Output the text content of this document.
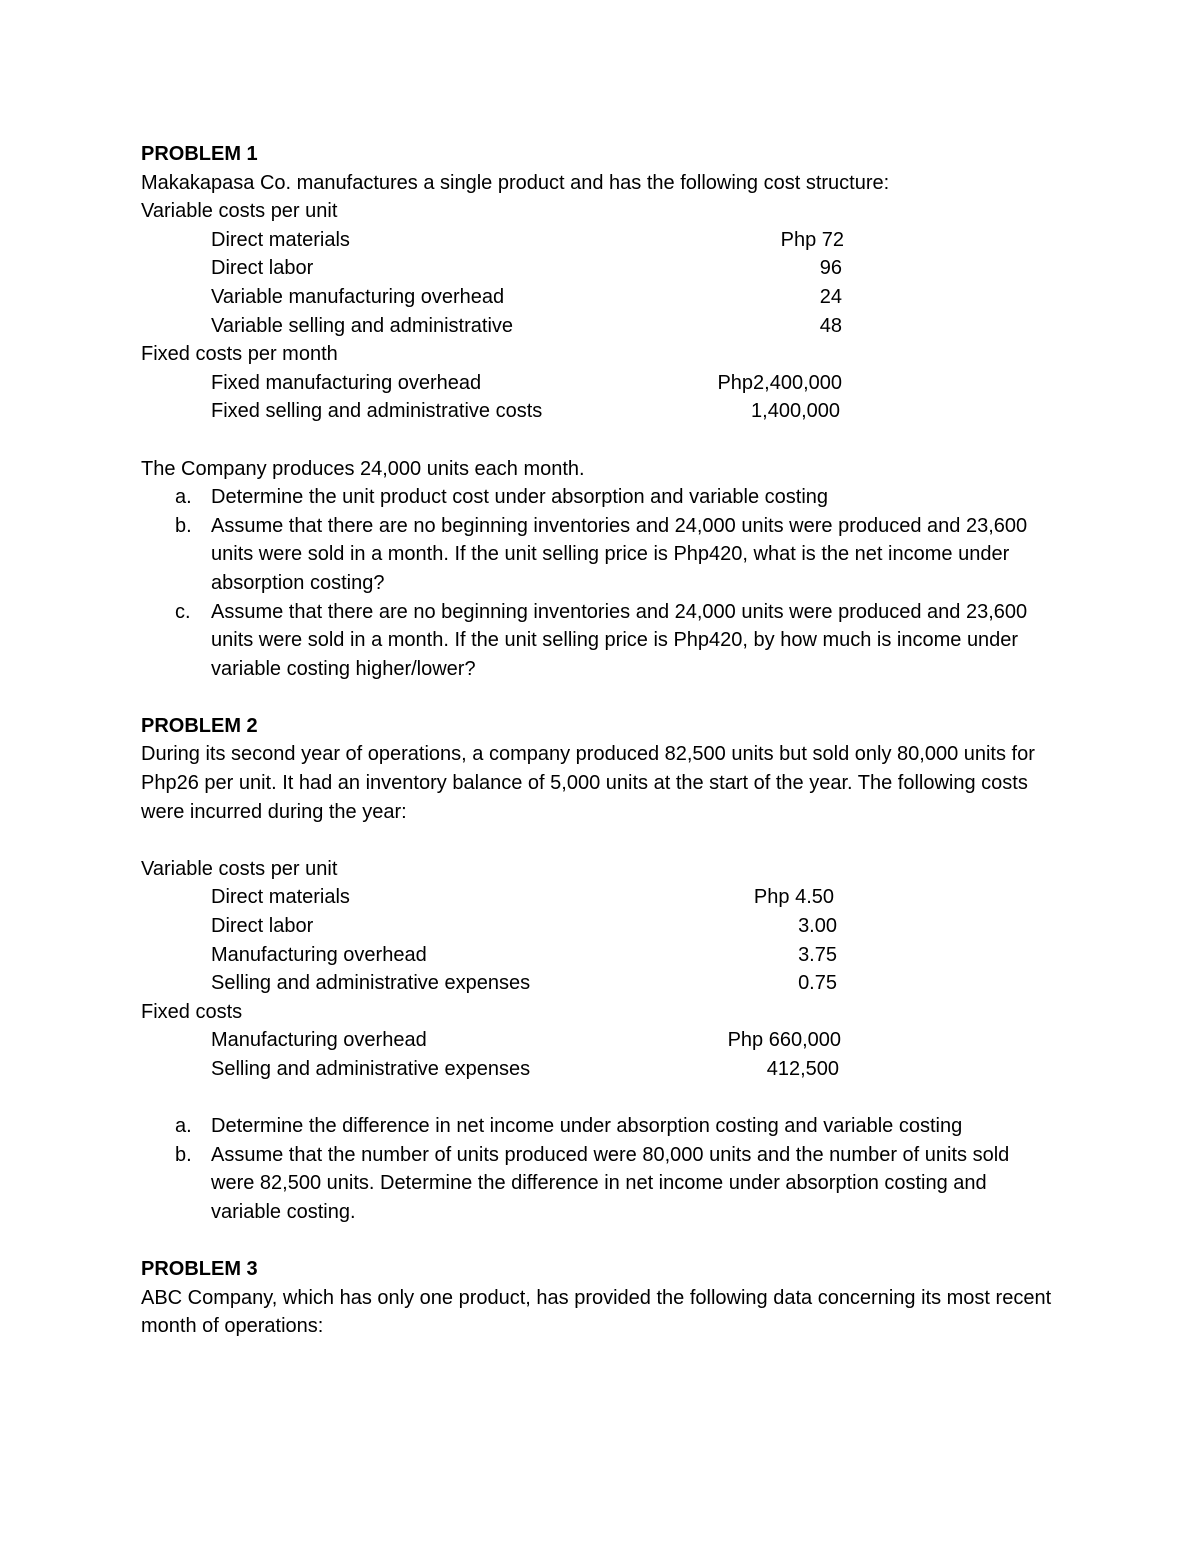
PROBLEM 1
Makakapasa Co. manufactures a single product and has the following cost structure:
Variable costs per unit
Direct materials	Php 72
Direct labor	96
Variable manufacturing overhead	24
Variable selling and administrative	48
Fixed costs per month
Fixed manufacturing overhead	Php2,400,000
Fixed selling and administrative costs	1,400,000
The Company produces 24,000 units each month.
a. Determine the unit product cost under absorption and variable costing
b. Assume that there are no beginning inventories and 24,000 units were produced and 23,600 units were sold in a month. If the unit selling price is Php420, what is the net income under absorption costing?
c. Assume that there are no beginning inventories and 24,000 units were produced and 23,600 units were sold in a month. If the unit selling price is Php420, by how much is income under variable costing higher/lower?
PROBLEM 2
During its second year of operations, a company produced 82,500 units but sold only 80,000 units for Php26 per unit. It had an inventory balance of 5,000 units at the start of the year. The following costs were incurred during the year:
Variable costs per unit
Direct materials	Php 4.50
Direct labor	3.00
Manufacturing overhead	3.75
Selling and administrative expenses	0.75
Fixed costs
Manufacturing overhead	Php 660,000
Selling and administrative expenses	412,500
a. Determine the difference in net income under absorption costing and variable costing
b. Assume that the number of units produced were 80,000 units and the number of units sold were 82,500 units. Determine the difference in net income under absorption costing and variable costing.
PROBLEM 3
ABC Company, which has only one product, has provided the following data concerning its most recent month of operations:
